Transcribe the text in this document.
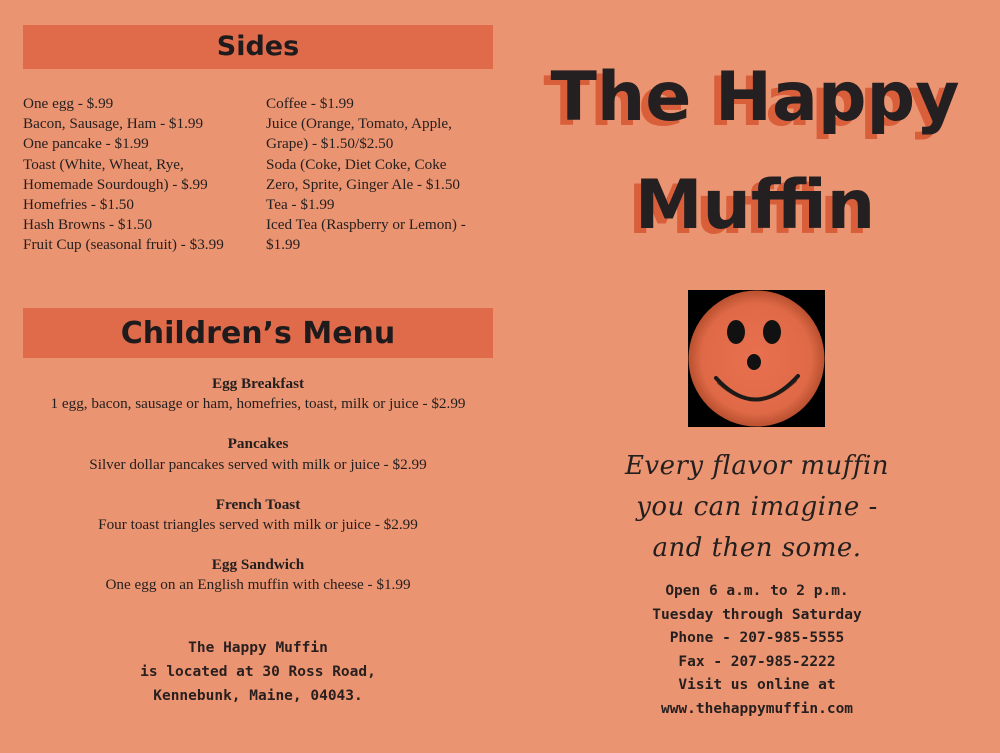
Sides
One egg - $.99
Bacon, Sausage, Ham - $1.99
One pancake - $1.99
Toast (White, Wheat, Rye,
Homemade Sourdough) - $.99
Homefries - $1.50
Hash Browns - $1.50
Fruit Cup (seasonal fruit) - $3.99
Coffee - $1.99
Juice (Orange, Tomato, Apple,
Grape) - $1.50/$2.50
Soda (Coke, Diet Coke, Coke
Zero, Sprite, Ginger Ale - $1.50
Tea - $1.99
Iced Tea (Raspberry or Lemon) -
$1.99
Children’s Menu
Egg Breakfast
1 egg, bacon, sausage or ham, homefries, toast, milk or juice - $2.99
Pancakes
Silver dollar pancakes served with milk or juice - $2.99
French Toast
Four toast triangles served with milk or juice - $2.99
Egg Sandwich
One egg on an English muffin with cheese - $1.99
The Happy Muffin
is located at 30 Ross Road,
Kennebunk, Maine, 04043.
The Happy
Muffin
Every flavor muffin
you can imagine -
and then some.
Open 6 a.m. to 2 p.m.
Tuesday through Saturday
Phone - 207-985-5555
Fax - 207-985-2222
Visit us online at
www.thehappymuffin.com
